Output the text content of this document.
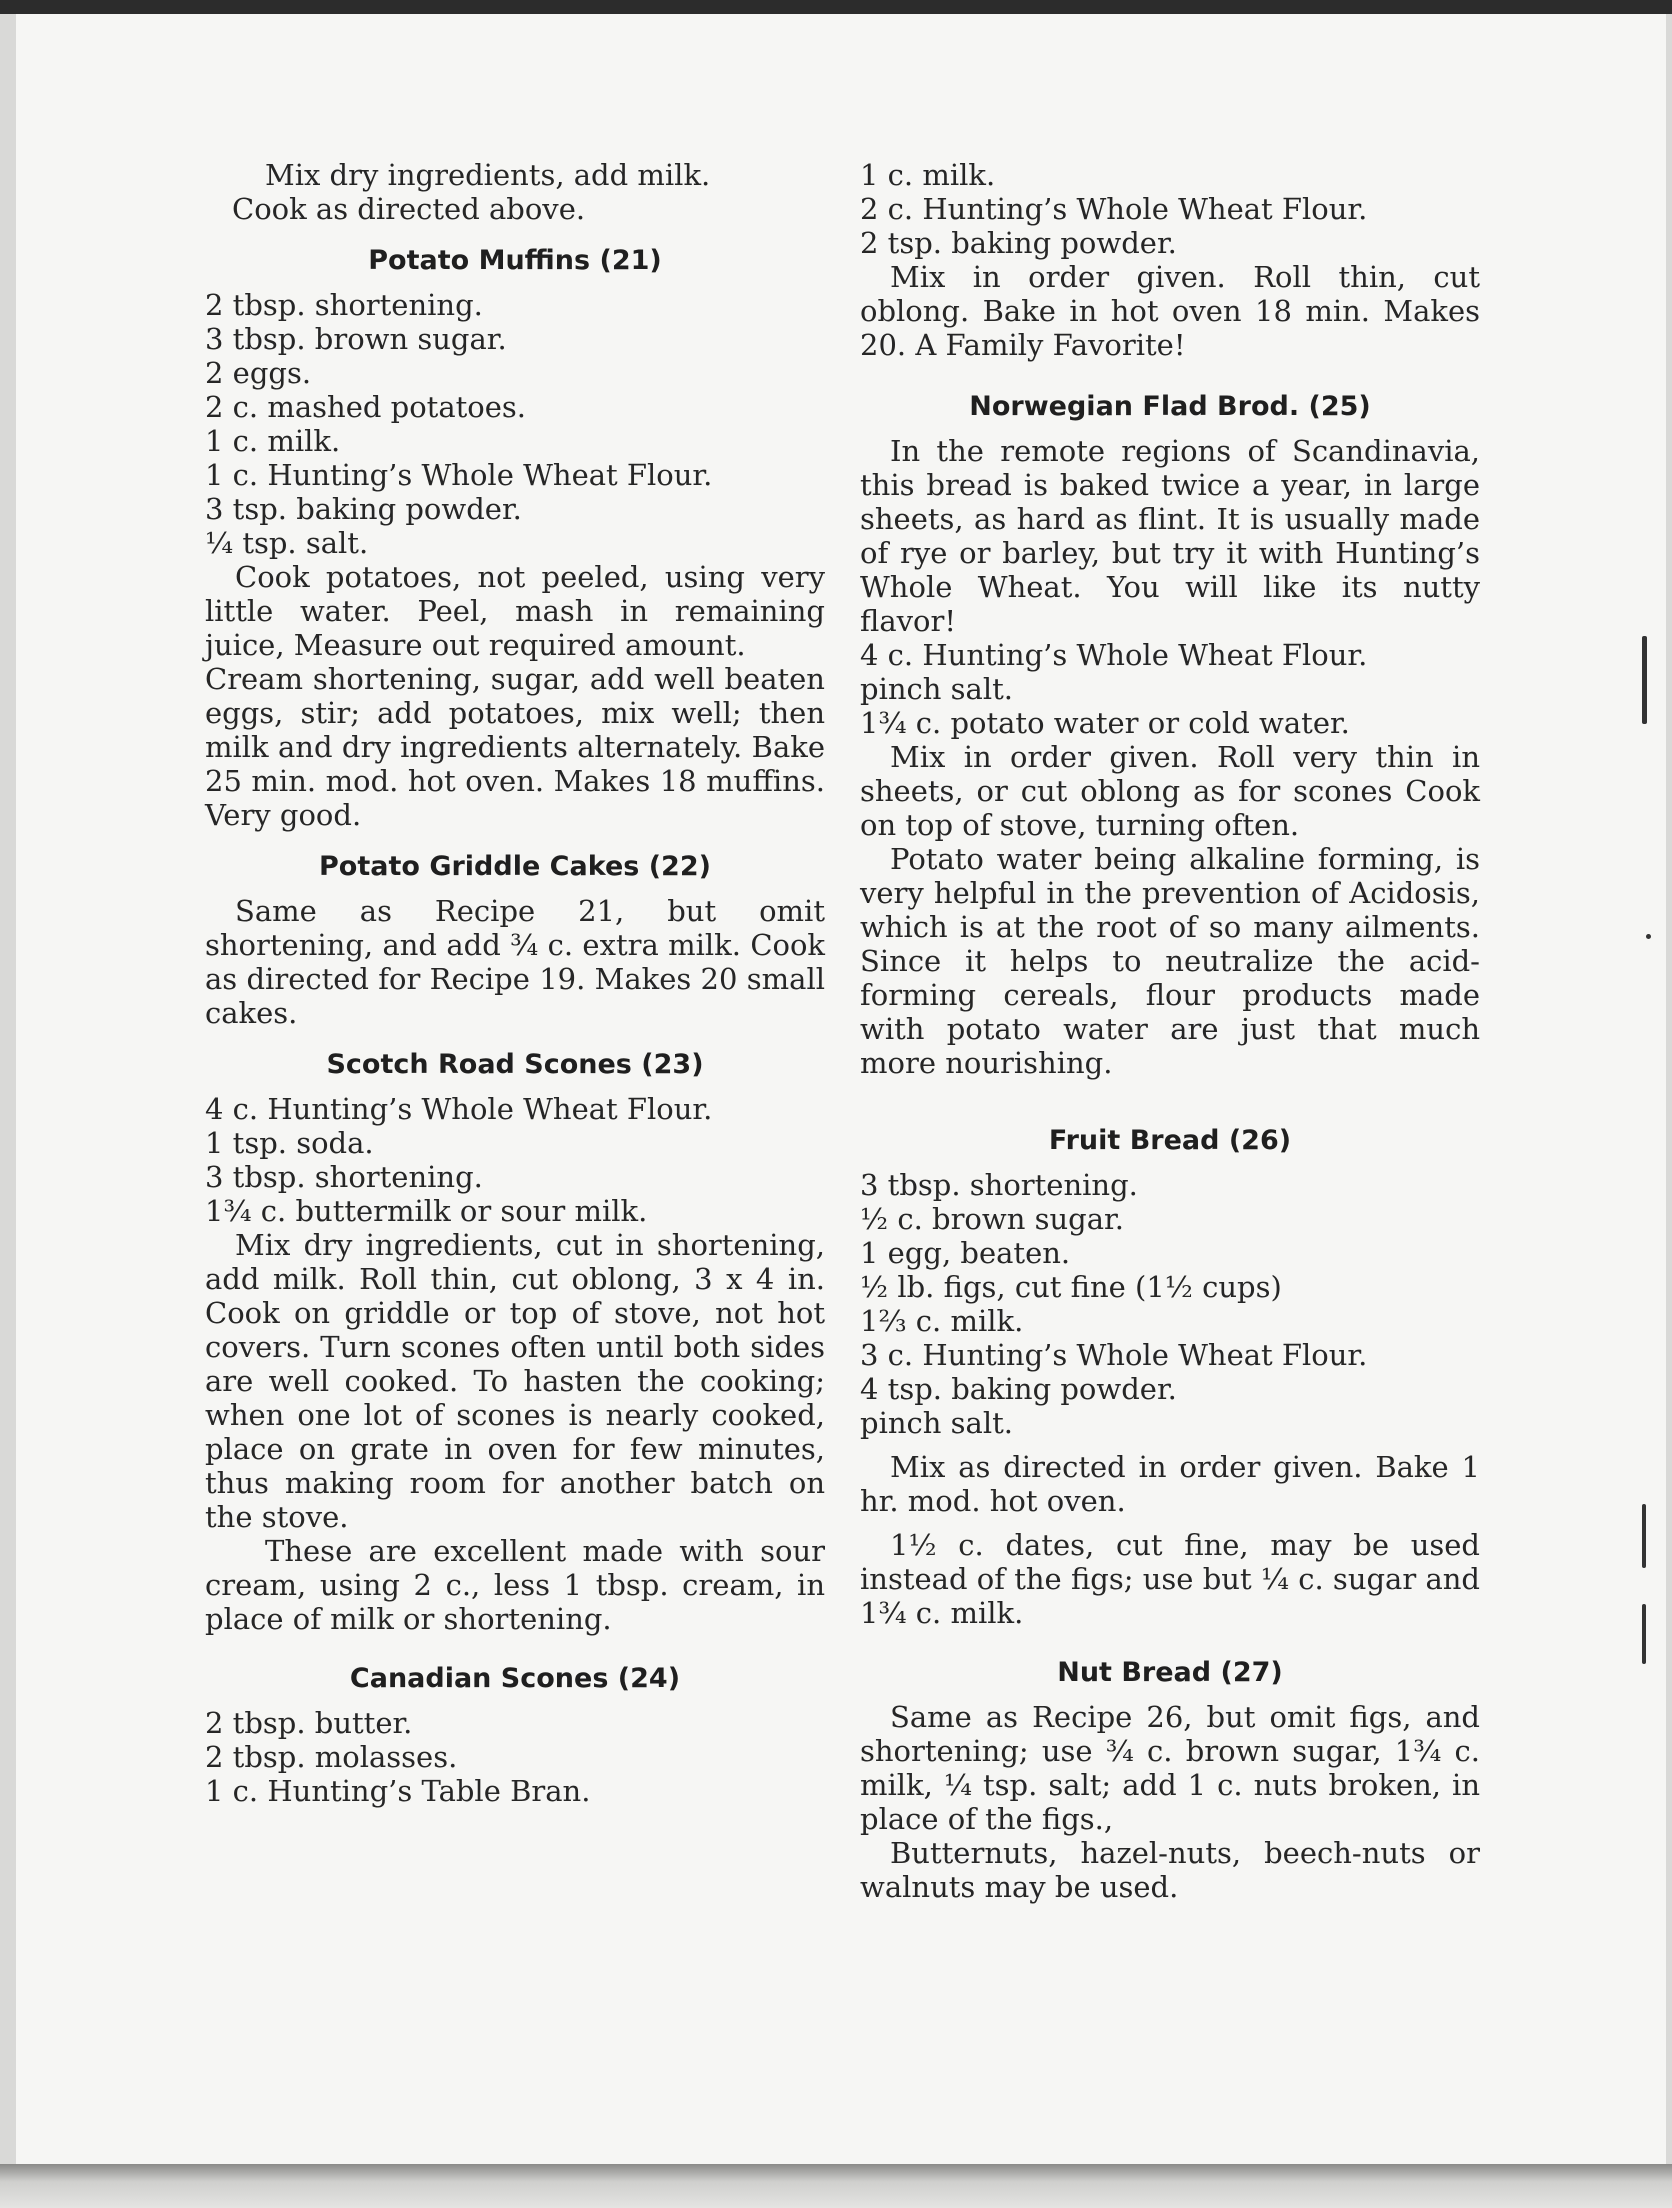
Mix dry ingredients, add milk.

Cook as directed above.

Potato Muffins (21)

2 tbsp. shortening.

3 tbsp. brown sugar.

2 eggs.

2 c. mashed potatoes.

1 c. milk.

1 c. Hunting’s Whole Wheat Flour.

3 tsp. baking powder.

¼ tsp. salt.

Cook potatoes, not peeled, using very little water. Peel, mash in remaining juice, Measure out required amount.

Cream shortening, sugar, add well beaten eggs, stir; add potatoes, mix well; then milk and dry ingredients alternately. Bake 25 min. mod. hot oven. Makes 18 muffins. Very good.

Potato Griddle Cakes (22)

Same as Recipe 21, but omit shortening, and add ¾ c. extra milk. Cook as directed for Recipe 19. Makes 20 small cakes.

Scotch Road Scones (23)

4 c. Hunting’s Whole Wheat Flour.

1 tsp. soda.

3 tbsp. shortening.

1¾ c. buttermilk or sour milk.

Mix dry ingredients, cut in shortening, add milk. Roll thin, cut oblong, 3 x 4 in. Cook on griddle or top of stove, not hot covers. Turn scones often until both sides are well cooked. To hasten the cooking; when one lot of scones is nearly cooked, place on grate in oven for few minutes, thus making room for another batch on the stove.

These are excellent made with sour cream, using 2 c., less 1 tbsp. cream, in place of milk or shortening.

Canadian Scones (24)

2 tbsp. butter.

2 tbsp. molasses.

1 c. Hunting’s Table Bran.

1 c. milk.

2 c. Hunting’s Whole Wheat Flour.

2 tsp. baking powder.

Mix in order given. Roll thin, cut oblong. Bake in hot oven 18 min. Makes 20. A Family Favorite!

Norwegian Flad Brod. (25)

In the remote regions of Scandinavia, this bread is baked twice a year, in large sheets, as hard as flint. It is usually made of rye or barley, but try it with Hunting’s Whole Wheat. You will like its nutty flavor!

4 c. Hunting’s Whole Wheat Flour.

pinch salt.

1¾ c. potato water or cold water.

Mix in order given. Roll very thin in sheets, or cut oblong as for scones Cook on top of stove, turning often.

Potato water being alkaline forming, is very helpful in the prevention of Acidosis, which is at the root of so many ailments. Since it helps to neutralize the acid-forming cereals, flour products made with potato water are just that much more nourishing.

Fruit Bread (26)

3 tbsp. shortening.

½ c. brown sugar.

1 egg, beaten.

½ lb. figs, cut fine (1½ cups)

1⅔ c. milk.

3 c. Hunting’s Whole Wheat Flour.

4 tsp. baking powder.

pinch salt.

Mix as directed in order given. Bake 1 hr. mod. hot oven.

1½ c. dates, cut fine, may be used instead of the figs; use but ¼ c. sugar and 1¾ c. milk.

Nut Bread (27)

Same as Recipe 26, but omit figs, and shortening; use ¾ c. brown sugar, 1¾ c. milk, ¼ tsp. salt; add 1 c. nuts broken, in place of the figs.,

Butternuts, hazel-nuts, beech-nuts or walnuts may be used.
